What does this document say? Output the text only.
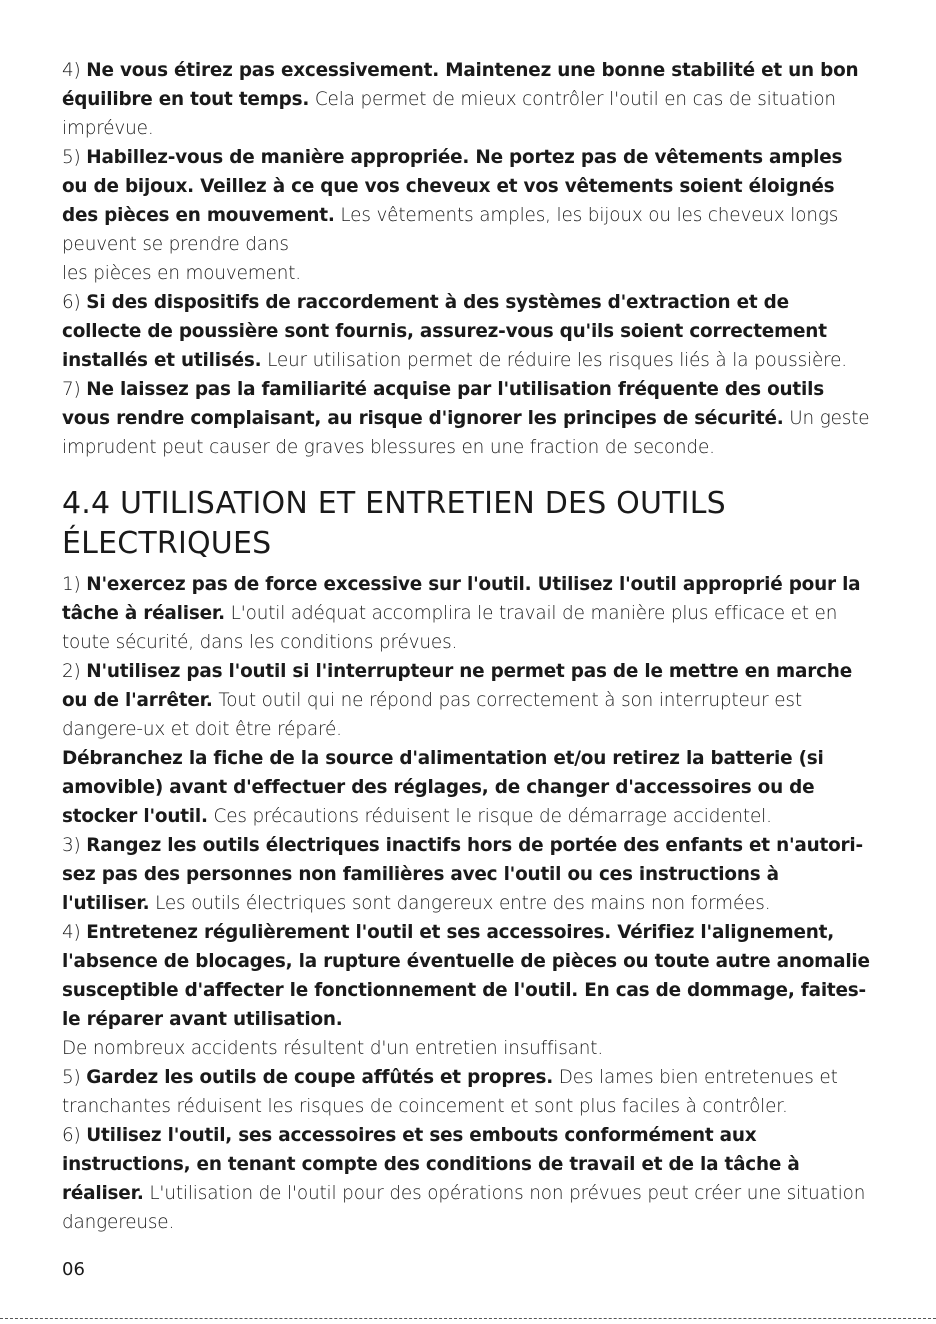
4) Ne vous étirez pas excessivement. Maintenez une bonne stabilité et un bon équilibre en tout temps. Cela permet de mieux contrôler l'outil en cas de situation imprévue.

5) Habillez-vous de manière appropriée. Ne portez pas de vêtements amples ou de bijoux. Veillez à ce que vos cheveux et vos vêtements soient éloignés des pièces en mouvement. Les vêtements amples, les bijoux ou les cheveux longs peuvent se prendre dans
les pièces en mouvement.

6) Si des dispositifs de raccordement à des systèmes d'extraction et de collecte de poussière sont fournis, assurez-vous qu'ils soient correctement installés et utilisés. Leur utilisation permet de réduire les risques liés à la poussière.

7) Ne laissez pas la familiarité acquise par l'utilisation fréquente des outils vous rendre complaisant, au risque d'ignorer les principes de sécurité. Un geste imprudent peut causer de graves blessures en une fraction de seconde.

4.4 UTILISATION ET ENTRETIEN DES OUTILS
ÉLECTRIQUES

1) N'exercez pas de force excessive sur l'outil. Utilisez l'outil approprié pour la tâche à réaliser. L'outil adéquat accomplira le travail de manière plus efficace et en toute sécurité, dans les conditions prévues.

2) N'utilisez pas l'outil si l'interrupteur ne permet pas de le mettre en marche ou de l'arrêter. Tout outil qui ne répond pas correctement à son interrupteur est dangere-ux et doit être réparé.

Débranchez la fiche de la source d'alimentation et/ou retirez la batterie (si amovible) avant d'effectuer des réglages, de changer d'accessoires ou de stocker l'outil. Ces précautions réduisent le risque de démarrage accidentel.

3) Rangez les outils électriques inactifs hors de portée des enfants et n'autori-sez pas des personnes non familières avec l'outil ou ces instructions à l'utiliser. Les outils électriques sont dangereux entre des mains non formées.

4) Entretenez régulièrement l'outil et ses accessoires. Vérifiez l'alignement, l'absence de blocages, la rupture éventuelle de pièces ou toute autre anomalie susceptible d'affecter le fonctionnement de l'outil. En cas de dommage, faites-le réparer avant utilisation.
De nombreux accidents résultent d'un entretien insuffisant.

5) Gardez les outils de coupe affûtés et propres. Des lames bien entretenues et tranchantes réduisent les risques de coincement et sont plus faciles à contrôler.

6) Utilisez l'outil, ses accessoires et ses embouts conformément aux instructions, en tenant compte des conditions de travail et de la tâche à réaliser. L'utilisation de l'outil pour des opérations non prévues peut créer une situation dangereuse.

06
